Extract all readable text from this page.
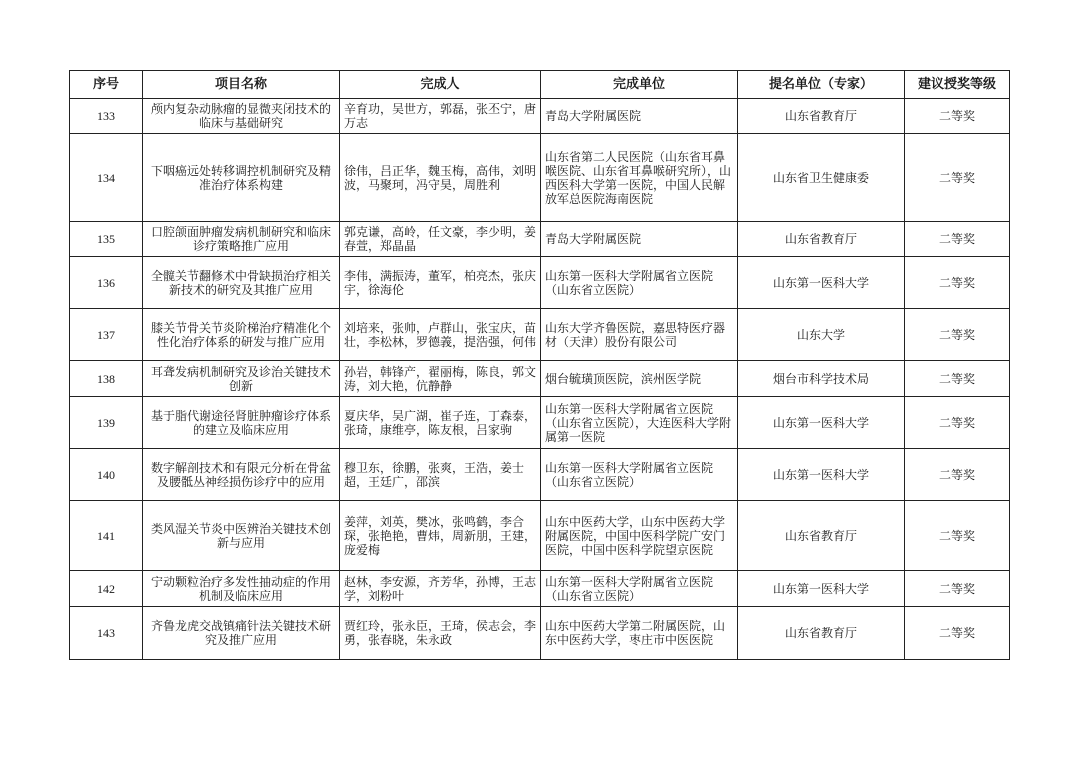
序号	项目名称	完成人	完成单位	提名单位（专家）	建议授奖等级
133	颅内复杂动脉瘤的显微夹闭技术的临床与基础研究	辛育功，吴世方，郭磊，张丕宁，唐万志	青岛大学附属医院	山东省教育厅	二等奖
134	下咽癌远处转移调控机制研究及精准治疗体系构建	徐伟，吕正华，魏玉梅，高伟，刘明波，马聚珂，冯守昊，周胜利	山东省第二人民医院（山东省耳鼻喉医院、山东省耳鼻喉研究所），山西医科大学第一医院，中国人民解放军总医院海南医院	山东省卫生健康委	二等奖
135	口腔颌面肿瘤发病机制研究和临床诊疗策略推广应用	郭克谦，高岭，任文豪，李少明，姜春萱，郑晶晶	青岛大学附属医院	山东省教育厅	二等奖
136	全髋关节翻修术中骨缺损治疗相关新技术的研究及其推广应用	李伟，满振涛，董军，柏亮杰，张庆宇，徐海伦	山东第一医科大学附属省立医院（山东省立医院）	山东第一医科大学	二等奖
137	膝关节骨关节炎阶梯治疗精准化个性化治疗体系的研发与推广应用	刘培来，张帅，卢群山，张宝庆，苗壮，李松林，罗德義，提浩强，何伟	山东大学齐鲁医院，嘉思特医疗器材（天津）股份有限公司	山东大学	二等奖
138	耳聋发病机制研究及诊治关键技术创新	孙岩，韩锋产，翟丽梅，陈良，郭文涛，刘大艳，伉静静	烟台毓璜顶医院，滨州医学院	烟台市科学技术局	二等奖
139	基于脂代谢途径肾脏肿瘤诊疗体系的建立及临床应用	夏庆华，吴广湖，崔子连，丁森泰，张琦，康维亭，陈友根，吕家驹	山东第一医科大学附属省立医院（山东省立医院），大连医科大学附属第一医院	山东第一医科大学	二等奖
140	数字解剖技术和有限元分析在骨盆及腰骶丛神经损伤诊疗中的应用	穆卫东，徐鹏，张爽，王浩，姜士超，王廷广，邵滨	山东第一医科大学附属省立医院（山东省立医院）	山东第一医科大学	二等奖
141	类风湿关节炎中医辨治关键技术创新与应用	姜萍，刘英，樊冰，张鸣鹤，李合琛，张艳艳，曹炜，周新朋，王建，庞爱梅	山东中医药大学，山东中医药大学附属医院，中国中医科学院广安门医院，中国中医科学院望京医院	山东省教育厅	二等奖
142	宁动颗粒治疗多发性抽动症的作用机制及临床应用	赵林，李安源，齐芳华，孙博，王志学，刘粉叶	山东第一医科大学附属省立医院（山东省立医院）	山东第一医科大学	二等奖
143	齐鲁龙虎交战镇痛针法关键技术研究及推广应用	贾红玲，张永臣，王琦，侯志会，李勇，张春晓，朱永政	山东中医药大学第二附属医院，山东中医药大学，枣庄市中医医院	山东省教育厅	二等奖
